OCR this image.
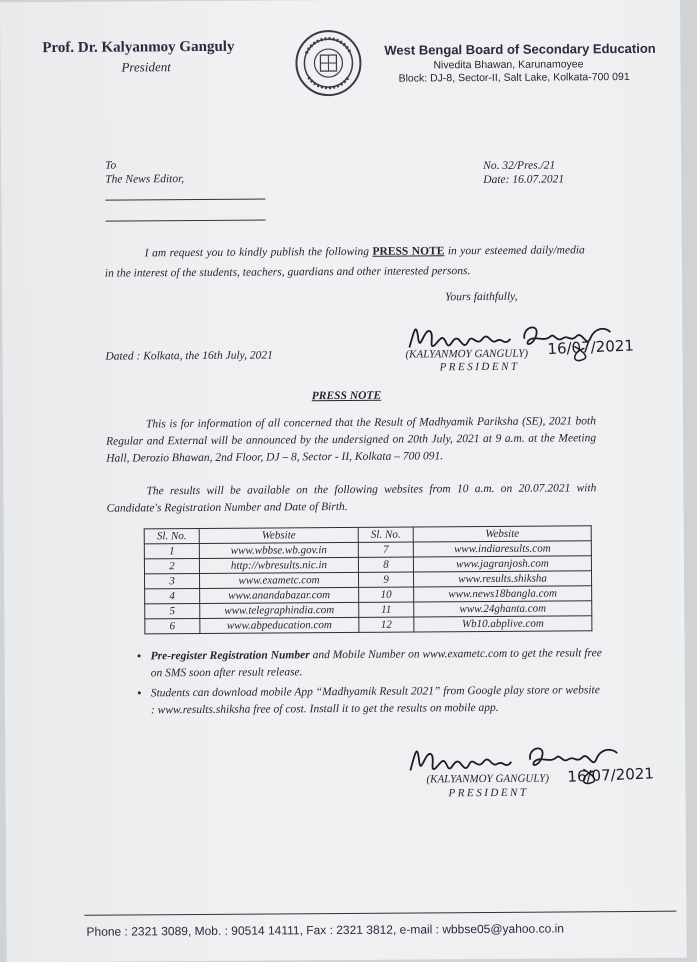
Prof. Dr. Kalyanmoy Ganguly
President
West Bengal Board of Secondary Education
Nivedita Bhawan, Karunamoyee
Block: DJ-8, Sector-II, Salt Lake, Kolkata-700 091
To
The News Editor,
No. 32/Pres./21
Date: 16.07.2021
I am request you to kindly publish the following PRESS NOTE in your esteemed daily/media in the interest of the students, teachers, guardians and other interested persons.
Yours faithfully,
Dated : Kolkata, the 16th July, 2021	(KALYANMOY GANGULY)
PRESIDENT
16/07/2021
PRESS NOTE
This is for information of all concerned that the Result of Madhyamik Pariksha (SE), 2021 both Regular and External will be announced by the undersigned on 20th July, 2021 at 9 a.m. at the Meeting Hall, Derozio Bhawan, 2nd Floor, DJ – 8, Sector - II, Kolkata – 700 091.
The results will be available on the following websites from 10 a.m. on 20.07.2021 with Candidate's Registration Number and Date of Birth.
Sl. No.	Website	Sl. No.	Website
1	www.wbbse.wb.gov.in	7	www.indiaresults.com
2	http://wbresults.nic.in	8	www.jagranjosh.com
3	www.exametc.com	9	www.results.shiksha
4	www.anandabazar.com	10	www.news18bangla.com
5	www.telegraphindia.com	11	www.24ghanta.com
6	www.abpeducation.com	12	Wb10.abplive.com
• Pre-register Registration Number and Mobile Number on www.exametc.com to get the result free on SMS soon after result release.
• Students can download mobile App “Madhyamik Result 2021” from Google play store or website : www.results.shiksha free of cost. Install it to get the results on mobile app.
(KALYANMOY GANGULY)
PRESIDENT
16/07/2021
Phone : 2321 3089, Mob. : 90514 14111, Fax : 2321 3812, e-mail : wbbse05@yahoo.co.in
